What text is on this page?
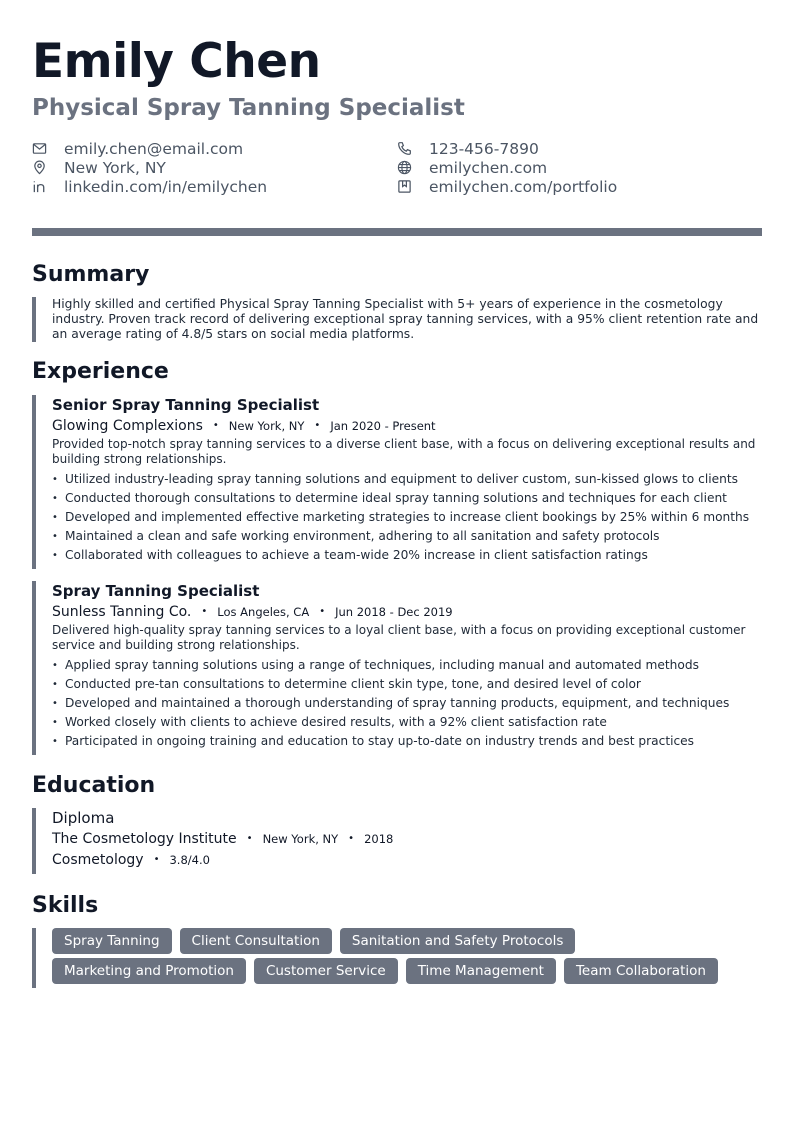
Emily Chen
Physical Spray Tanning Specialist
emily.chen@email.com	123-456-7890
New York, NY	emilychen.com
linkedin.com/in/emilychen	emilychen.com/portfolio
Summary

Highly skilled and certified Physical Spray Tanning Specialist with 5+ years of experience in the cosmetology industry. Proven track record of delivering exceptional spray tanning services, with a 95% client retention rate and an average rating of 4.8/5 stars on social media platforms.

Experience
Senior Spray Tanning Specialist
Glowing Complexions • New York, NY • Jan 2020 - Present

Provided top-notch spray tanning services to a diverse client base, with a focus on delivering exceptional results and building strong relationships.

• Utilized industry-leading spray tanning solutions and equipment to deliver custom, sun-kissed glows to clients
• Conducted thorough consultations to determine ideal spray tanning solutions and techniques for each client
• Developed and implemented effective marketing strategies to increase client bookings by 25% within 6 months
• Maintained a clean and safe working environment, adhering to all sanitation and safety protocols
• Collaborated with colleagues to achieve a team-wide 20% increase in client satisfaction ratings
Spray Tanning Specialist
Sunless Tanning Co. • Los Angeles, CA • Jun 2018 - Dec 2019

Delivered high-quality spray tanning services to a loyal client base, with a focus on providing exceptional customer service and building strong relationships.

• Applied spray tanning solutions using a range of techniques, including manual and automated methods
• Conducted pre-tan consultations to determine client skin type, tone, and desired level of color
• Developed and maintained a thorough understanding of spray tanning products, equipment, and techniques
• Worked closely with clients to achieve desired results, with a 92% client satisfaction rate
• Participated in ongoing training and education to stay up-to-date on industry trends and best practices
Education
Diploma
The Cosmetology Institute • New York, NY • 2018
Cosmetology • 3.8/4.0
Skills
Spray Tanning	Client Consultation	Sanitation and Safety Protocols
Marketing and Promotion	Customer Service	Time Management	Team Collaboration
